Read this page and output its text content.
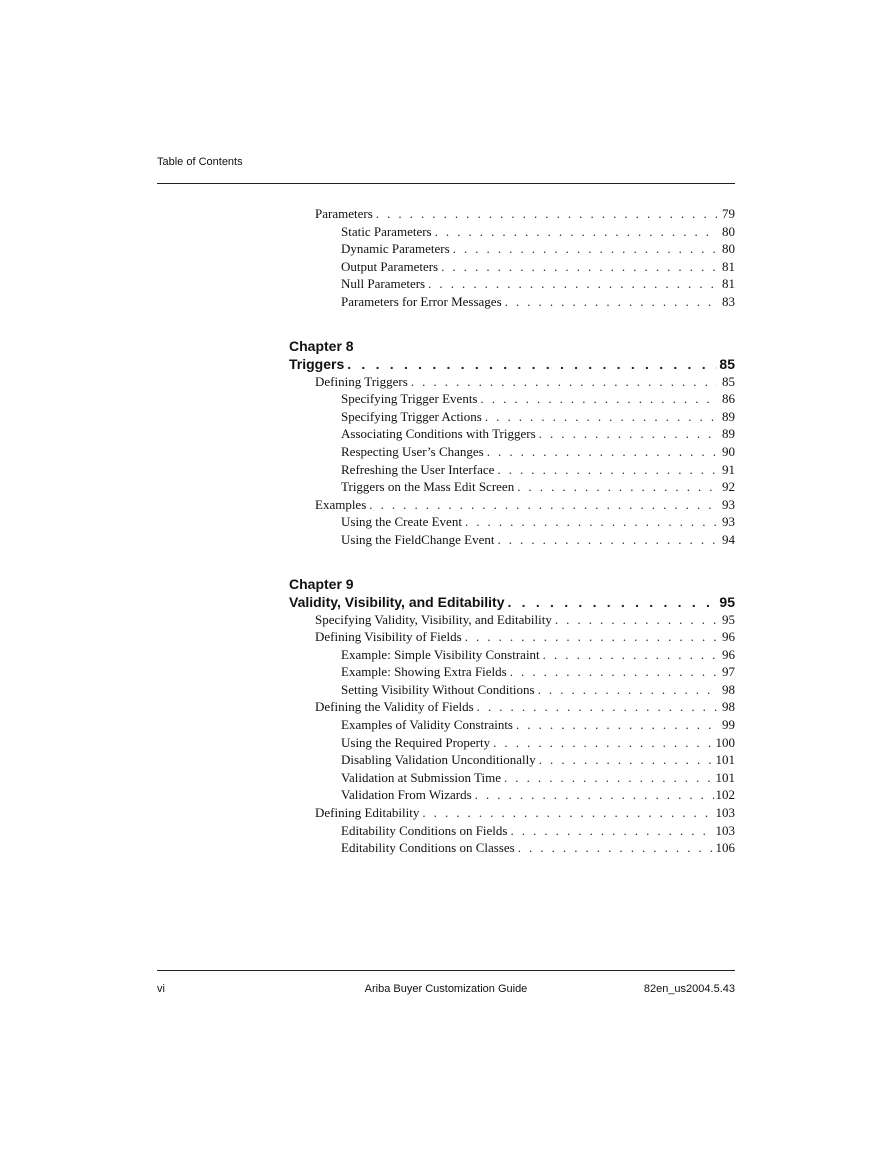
Table of Contents
Parameters . . .	79
Static Parameters . . .	80
Dynamic Parameters . . .	80
Output Parameters . . .	81
Null Parameters . . .	81
Parameters for Error Messages . . .	83
Chapter 8
Triggers . . .	85
Defining Triggers . . .	85
Specifying Trigger Events . . .	86
Specifying Trigger Actions . . .	89
Associating Conditions with Triggers . . .	89
Respecting User’s Changes . . .	90
Refreshing the User Interface . . .	91
Triggers on the Mass Edit Screen . . .	92
Examples . . .	93
Using the Create Event . . .	93
Using the FieldChange Event . . .	94
Chapter 9
Validity, Visibility, and Editability . . .	95
Specifying Validity, Visibility, and Editability . . .	95
Defining Visibility of Fields . . .	96
Example: Simple Visibility Constraint . . .	96
Example: Showing Extra Fields . . .	97
Setting Visibility Without Conditions . . .	98
Defining the Validity of Fields . . .	98
Examples of Validity Constraints . . .	99
Using the Required Property . . .	100
Disabling Validation Unconditionally . . .	101
Validation at Submission Time . . .	101
Validation From Wizards . . .	102
Defining Editability . . .	103
Editability Conditions on Fields . . .	103
Editability Conditions on Classes . . .	106
vi	Ariba Buyer Customization Guide	82en_us2004.5.43
